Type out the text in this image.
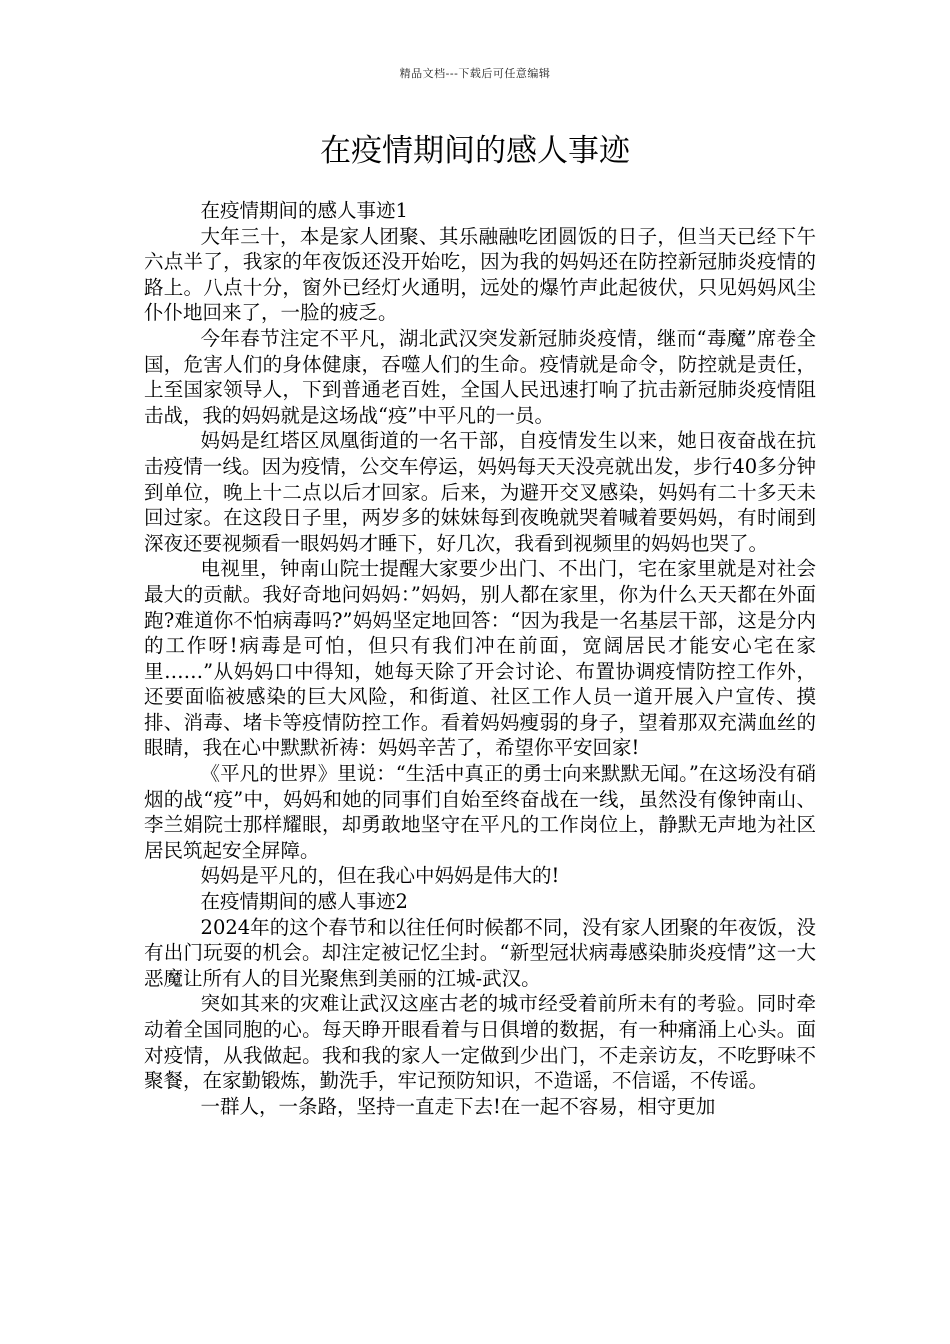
精品文档---下载后可任意编辑
在疫情期间的感人事迹

在疫情期间的感人事迹1

大年三十，本是家人团聚、其乐融融吃团圆饭的日子，但当天已经下午六点半了，我家的年夜饭还没开始吃，因为我的妈妈还在防控新冠肺炎疫情的路上。八点十分，窗外已经灯火通明，远处的爆竹声此起彼伏，只见妈妈风尘仆仆地回来了，一脸的疲乏。

今年春节注定不平凡，湖北武汉突发新冠肺炎疫情，继而“毒魔”席卷全国，危害人们的身体健康，吞噬人们的生命。疫情就是命令，防控就是责任，上至国家领导人，下到普通老百姓，全国人民迅速打响了抗击新冠肺炎疫情阻击战，我的妈妈就是这场战“疫”中平凡的一员。

妈妈是红塔区凤凰街道的一名干部，自疫情发生以来，她日夜奋战在抗击疫情一线。因为疫情，公交车停运，妈妈每天天没亮就出发，步行40多分钟到单位，晚上十二点以后才回家。后来，为避开交叉感染，妈妈有二十多天未回过家。在这段日子里，两岁多的妹妹每到夜晚就哭着喊着要妈妈，有时闹到深夜还要视频看一眼妈妈才睡下，好几次，我看到视频里的妈妈也哭了。

电视里，钟南山院士提醒大家要少出门、不出门，宅在家里就是对社会最大的贡献。我好奇地问妈妈：”妈妈，别人都在家里，你为什么天天都在外面跑?难道你不怕病毒吗?”妈妈坚定地回答：“因为我是一名基层干部，这是分内的工作呀!病毒是可怕，但只有我们冲在前面，宽阔居民才能安心宅在家里……”从妈妈口中得知，她每天除了开会讨论、布置协调疫情防控工作外，还要面临被感染的巨大风险，和街道、社区工作人员一道开展入户宣传、摸排、消毒、堵卡等疫情防控工作。看着妈妈瘦弱的身子，望着那双充满血丝的眼睛，我在心中默默祈祷：妈妈辛苦了，希望你平安回家!

《平凡的世界》里说：“生活中真正的勇士向来默默无闻。”在这场没有硝烟的战“疫”中，妈妈和她的同事们自始至终奋战在一线，虽然没有像钟南山、李兰娟院士那样耀眼，却勇敢地坚守在平凡的工作岗位上，静默无声地为社区居民筑起安全屏障。

妈妈是平凡的，但在我心中妈妈是伟大的!

在疫情期间的感人事迹2

2024年的这个春节和以往任何时候都不同，没有家人团聚的年夜饭，没有出门玩耍的机会。却注定被记忆尘封。“新型冠状病毒感染肺炎疫情”这一大恶魔让所有人的目光聚焦到美丽的江城-武汉。

突如其来的灾难让武汉这座古老的城市经受着前所未有的考验。同时牵动着全国同胞的心。每天睁开眼看着与日俱增的数据，有一种痛涌上心头。面对疫情，从我做起。我和我的家人一定做到少出门，不走亲访友，不吃野味不聚餐，在家勤锻炼，勤洗手，牢记预防知识，不造谣，不信谣，不传谣。

一群人，一条路，坚持一直走下去!在一起不容易，相守更加
